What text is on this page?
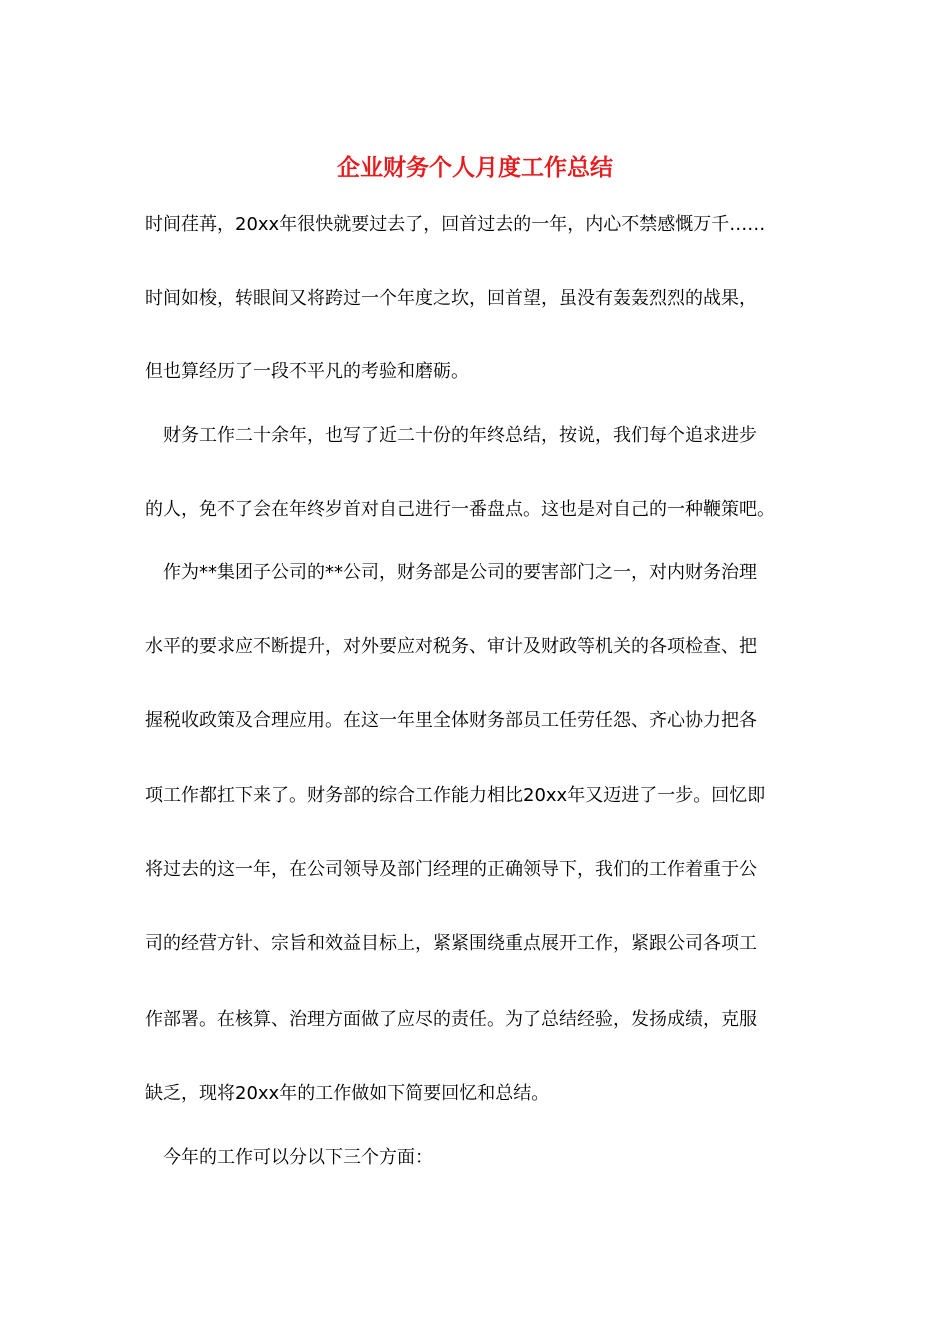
企业财务个人月度工作总结

时间荏苒，20xx年很快就要过去了，回首过去的一年，内心不禁感慨万千……

时间如梭，转眼间又将跨过一个年度之坎，回首望，虽没有轰轰烈烈的战果，

但也算经历了一段不平凡的考验和磨砺。

财务工作二十余年，也写了近二十份的年终总结，按说，我们每个追求进步

的人，免不了会在年终岁首对自己进行一番盘点。这也是对自己的一种鞭策吧。

作为**集团子公司的**公司，财务部是公司的要害部门之一，对内财务治理

水平的要求应不断提升，对外要应对税务、审计及财政等机关的各项检查、把

握税收政策及合理应用。在这一年里全体财务部员工任劳任怨、齐心协力把各

项工作都扛下来了。财务部的综合工作能力相比20xx年又迈进了一步。回忆即

将过去的这一年，在公司领导及部门经理的正确领导下，我们的工作着重于公

司的经营方针、宗旨和效益目标上，紧紧围绕重点展开工作，紧跟公司各项工

作部署。在核算、治理方面做了应尽的责任。为了总结经验，发扬成绩，克服

缺乏，现将20xx年的工作做如下简要回忆和总结。

今年的工作可以分以下三个方面：
